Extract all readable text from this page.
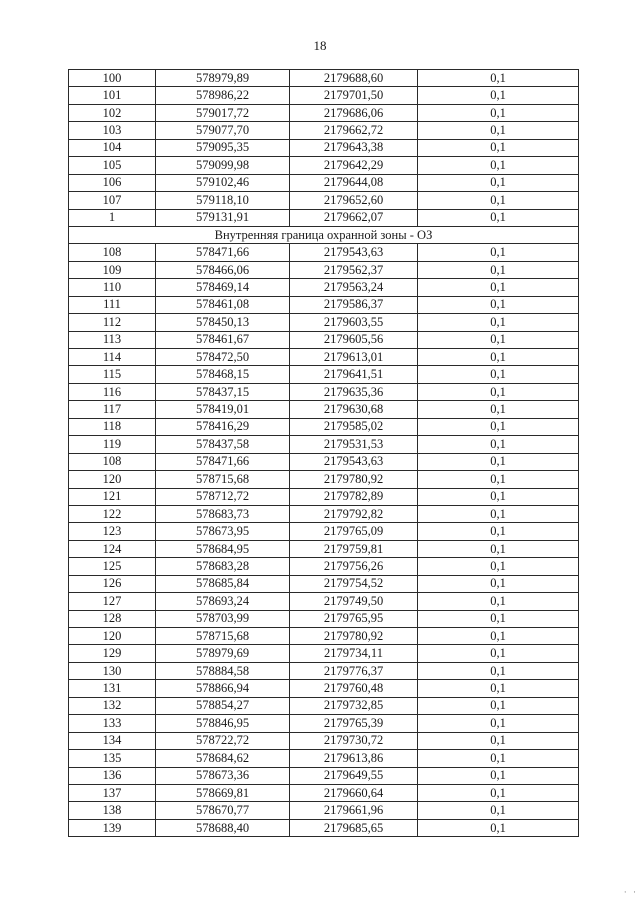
18
100	578979,89	2179688,60	0,1
101	578986,22	2179701,50	0,1
102	579017,72	2179686,06	0,1
103	579077,70	2179662,72	0,1
104	579095,35	2179643,38	0,1
105	579099,98	2179642,29	0,1
106	579102,46	2179644,08	0,1
107	579118,10	2179652,60	0,1
1	579131,91	2179662,07	0,1
Внутренняя граница охранной зоны - ОЗ			
108	578471,66	2179543,63	0,1
109	578466,06	2179562,37	0,1
110	578469,14	2179563,24	0,1
111	578461,08	2179586,37	0,1
112	578450,13	2179603,55	0,1
113	578461,67	2179605,56	0,1
114	578472,50	2179613,01	0,1
115	578468,15	2179641,51	0,1
116	578437,15	2179635,36	0,1
117	578419,01	2179630,68	0,1
118	578416,29	2179585,02	0,1
119	578437,58	2179531,53	0,1
108	578471,66	2179543,63	0,1
120	578715,68	2179780,92	0,1
121	578712,72	2179782,89	0,1
122	578683,73	2179792,82	0,1
123	578673,95	2179765,09	0,1
124	578684,95	2179759,81	0,1
125	578683,28	2179756,26	0,1
126	578685,84	2179754,52	0,1
127	578693,24	2179749,50	0,1
128	578703,99	2179765,95	0,1
120	578715,68	2179780,92	0,1
129	578979,69	2179734,11	0,1
130	578884,58	2179776,37	0,1
131	578866,94	2179760,48	0,1
132	578854,27	2179732,85	0,1
133	578846,95	2179765,39	0,1
134	578722,72	2179730,72	0,1
135	578684,62	2179613,86	0,1
136	578673,36	2179649,55	0,1
137	578669,81	2179660,64	0,1
138	578670,77	2179661,96	0,1
139	578688,40	2179685,65	0,1
· ·
